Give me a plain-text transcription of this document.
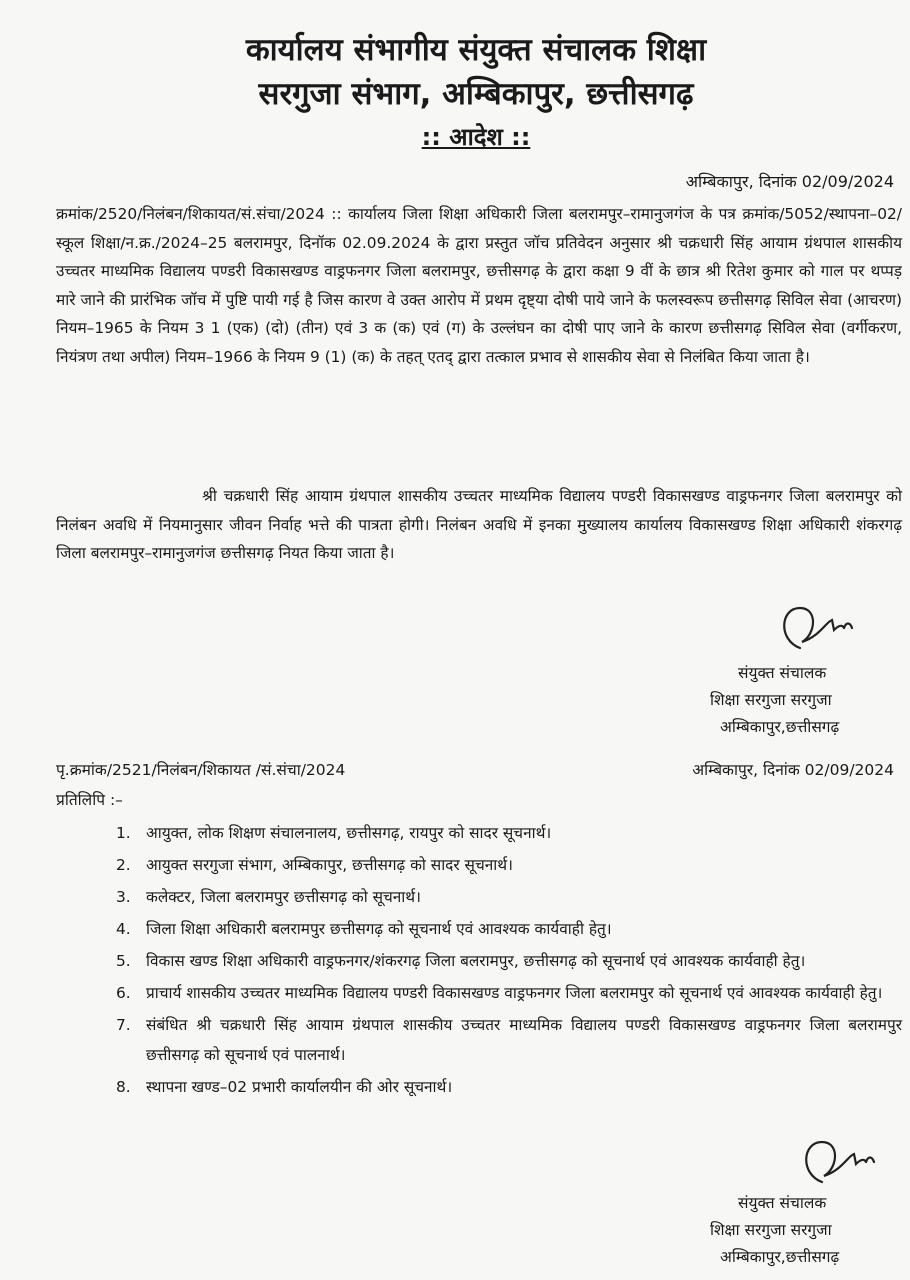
कार्यालय संभागीय संयुक्त संचालक शिक्षा
सरगुजा संभाग, अम्बिकापुर, छत्तीसगढ़
:: आदेश ::
अम्बिकापुर, दिनांक 02/09/2024
क्रमांक/2520/निलंबन/शिकायत/सं.संचा/2024 :: कार्यालय जिला शिक्षा अधिकारी जिला बलरामपुर–रामानुजगंज के पत्र क्रमांक/5052/स्थापना–02/स्कूल शिक्षा/न.क्र./2024–25 बलरामपुर, दिनॉक 02.09.2024 के द्वारा प्रस्तुत जॉच प्रतिवेदन अनुसार श्री चक्रधारी सिंह आयाम ग्रंथपाल शासकीय उच्चतर माध्यमिक विद्यालय पण्डरी विकासखण्ड वाड्रफनगर जिला बलरामपुर, छत्तीसगढ़ के द्वारा कक्षा 9 वीं के छात्र श्री रितेश कुमार को गाल पर थप्पड़ मारे जाने की प्रारंभिक जॉच में पुष्टि पायी गई है जिस कारण वे उक्त आरोप में प्रथम दृष्ट्या दोषी पाये जाने के फलस्वरूप छत्तीसगढ़ सिविल सेवा (आचरण) नियम–1965 के नियम 3 1 (एक) (दो) (तीन) एवं 3 क (क) एवं (ग) के उल्लंघन का दोषी पाए जाने के कारण छत्तीसगढ़ सिविल सेवा (वर्गीकरण, नियंत्रण तथा अपील) नियम–1966 के नियम 9 (1) (क) के तहत् एतद् द्वारा तत्काल प्रभाव से शासकीय सेवा से निलंबित किया जाता है।
श्री चक्रधारी सिंह आयाम ग्रंथपाल शासकीय उच्चतर माध्यमिक विद्यालय पण्डरी विकासखण्ड वाड्रफनगर जिला बलरामपुर को निलंबन अवधि में नियमानुसार जीवन निर्वाह भत्ते की पात्रता होगी। निलंबन अवधि में इनका मुख्यालय कार्यालय विकासखण्ड शिक्षा अधिकारी शंकरगढ़ जिला बलरामपुर–रामानुजगंज छत्तीसगढ़ नियत किया जाता है।
संयुक्त संचालक
शिक्षा सरगुजा सरगुजा
अम्बिकापुर,छत्तीसगढ़
पृ.क्रमांक/2521/निलंबन/शिकायत /सं.संचा/2024	अम्बिकापुर, दिनांक 02/09/2024
प्रतिलिपि :–
1. आयुक्त, लोक शिक्षण संचालनालय, छत्तीसगढ़, रायपुर को सादर सूचनार्थ।
2. आयुक्त सरगुजा संभाग, अम्बिकापुर, छत्तीसगढ़ को सादर सूचनार्थ।
3. कलेक्टर, जिला बलरामपुर छत्तीसगढ़ को सूचनार्थ।
4. जिला शिक्षा अधिकारी बलरामपुर छत्तीसगढ़ को सूचनार्थ एवं आवश्यक कार्यवाही हेतु।
5. विकास खण्ड शिक्षा अधिकारी वाड्रफनगर/शंकरगढ़ जिला बलरामपुर, छत्तीसगढ़ को सूचनार्थ एवं आवश्यक कार्यवाही हेतु।
6. प्राचार्य शासकीय उच्चतर माध्यमिक विद्यालय पण्डरी विकासखण्ड वाड्रफनगर जिला बलरामपुर को सूचनार्थ एवं आवश्यक कार्यवाही हेतु।
7. संबंधित श्री चक्रधारी सिंह आयाम ग्रंथपाल शासकीय उच्चतर माध्यमिक विद्यालय पण्डरी विकासखण्ड वाड्रफनगर जिला बलरामपुर छत्तीसगढ़ को सूचनार्थ एवं पालनार्थ।
8. स्थापना खण्ड–02 प्रभारी कार्यालयीन की ओर सूचनार्थ।
संयुक्त संचालक
शिक्षा सरगुजा सरगुजा
अम्बिकापुर,छत्तीसगढ़
